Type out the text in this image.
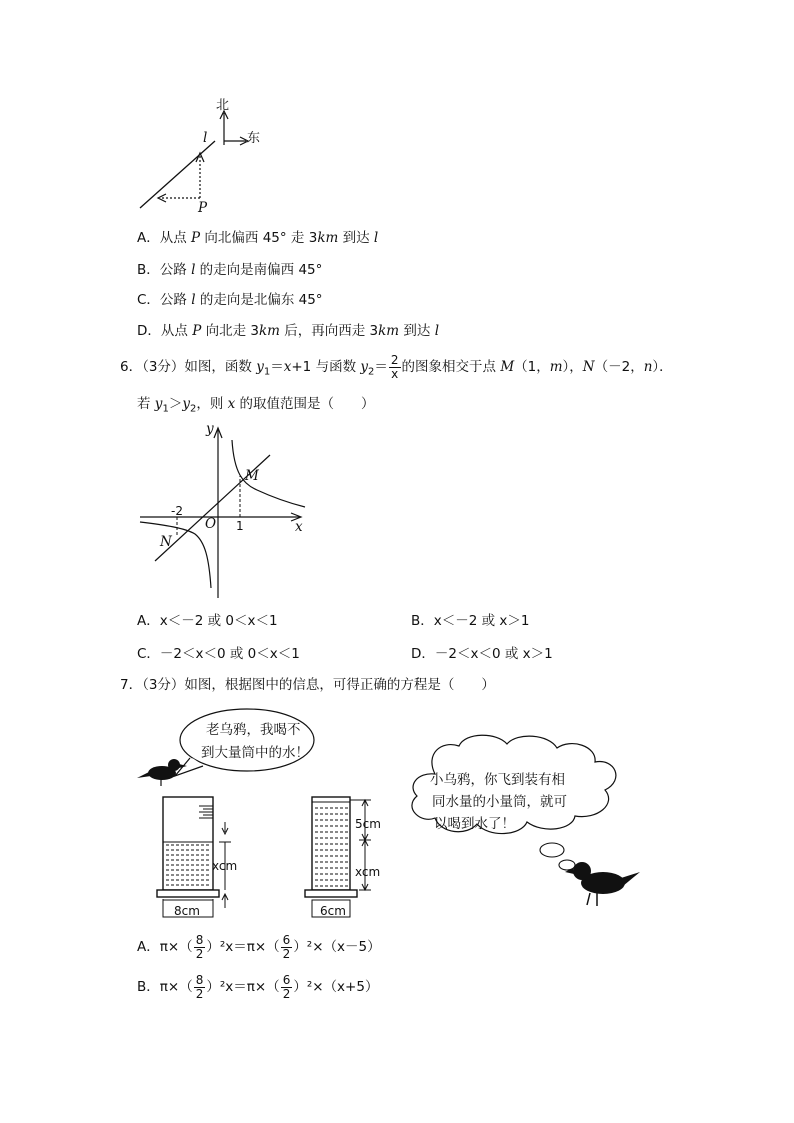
北
东
l
P
A．从点 P 向北偏西 45° 走 3km 到达 l
B．公路 l 的走向是南偏西 45°
C．公路 l 的走向是北偏东 45°
D．从点 P 向北走 3km 后，再向西走 3km 到达 l
6．（3分）如图，函数 $y_1=x+1$ 与函数 $y_2= \frac{2}{x}$ 的图象相交于点 M（1，m），N（－2，n）．
若 $y_1>y_2$，则 x 的取值范围是（　　）
y
x
O
M
N
-2
1
A．x＜－2 或 0＜x＜1	B．x＜－2 或 x＞1
C．－2＜x＜0 或 0＜x＜1	D．－2＜x＜0 或 x＞1
7．（3分）如图，根据图中的信息，可得正确的方程是（　　）
老乌鸦，我喝不
到大量筒中的水！
小乌鸦，你飞到装有相
同水量的小量筒，就可
以喝到水了！
xcm
8cm
5cm
xcm
6cm
A．$\pi\times( \frac{8}{2} )^2x=\pi\times( \frac{6}{2} )^2\times(x-5)$
B．$\pi\times( \frac{8}{2} )^2x=\pi\times( \frac{6}{2} )^2\times(x+5)$
